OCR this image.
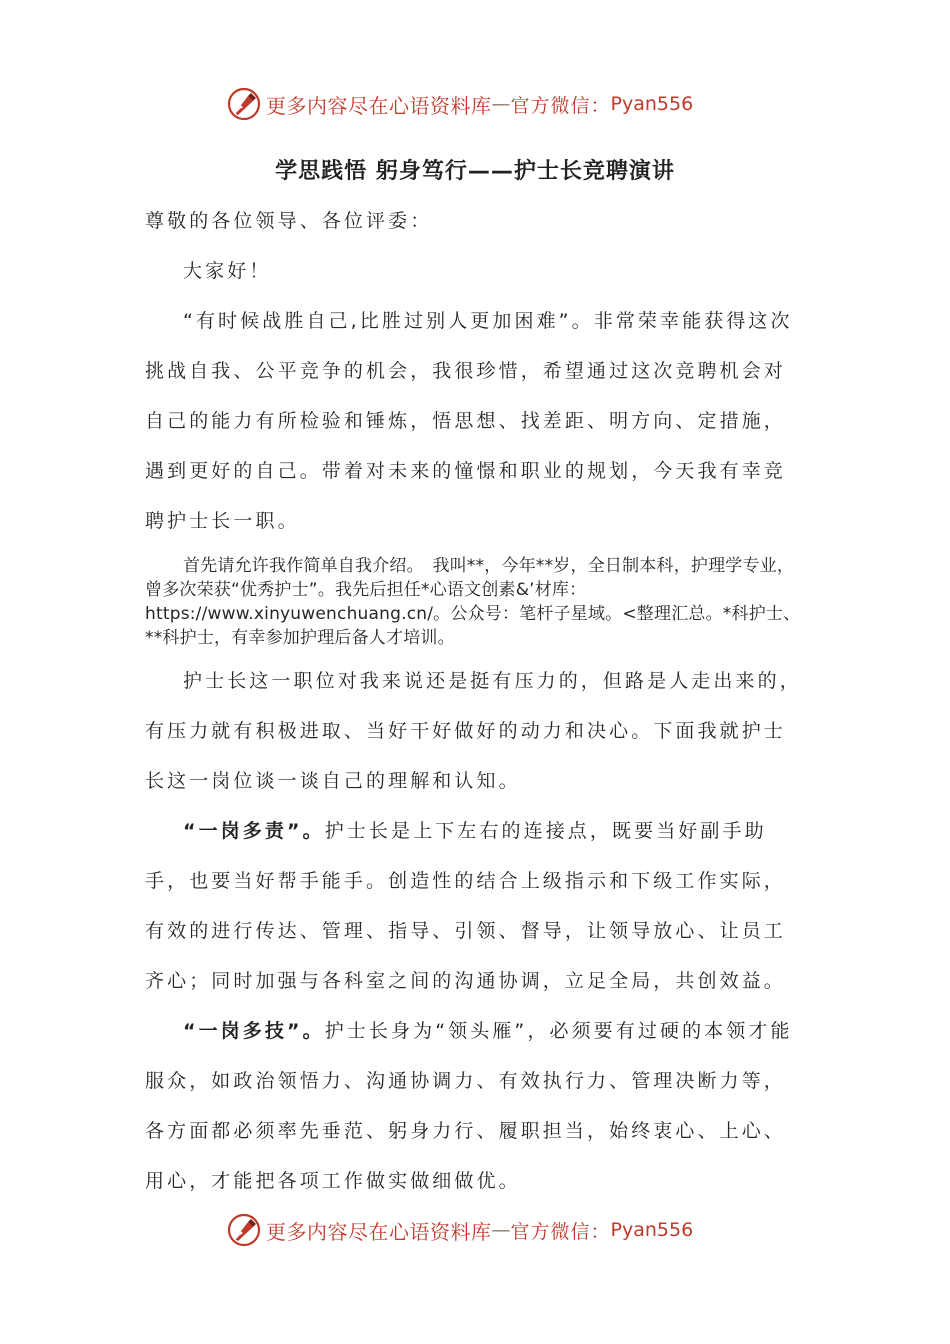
更多内容尽在心语资料库 — 官方微信： Pyan556
学思践悟 躬身笃行——护士长竞聘演讲

尊敬的各位领导、各位评委：

大家好！

“有时候战胜自己,比胜过别人更加困难”。非常荣幸能获得这次挑战自我、公平竞争的机会，我很珍惜，希望通过这次竞聘机会对自己的能力有所检验和锤炼，悟思想、找差距、明方向、定措施，遇到更好的自己。带着对未来的憧憬和职业的规划，今天我有幸竞聘护士长一职。

首先请允许我作简单自我介绍。　我叫**，今年**岁，全日制本科，护理学专业，曾多次荣获“优秀护士”。我先后担任*心语文创素&’材库：https://www.xinyuwenchuang.cn/。公众号：笔杆子星域。<整理汇总。*科护士、**科护士，有幸参加护理后备人才培训。

护士长这一职位对我来说还是挺有压力的，但路是人走出来的，有压力就有积极进取、当好干好做好的动力和决心。下面我就护士长这一岗位谈一谈自己的理解和认知。

“一岗多责”。护士长是上下左右的连接点，既要当好副手助手，也要当好帮手能手。创造性的结合上级指示和下级工作实际，有效的进行传达、管理、指导、引领、督导，让领导放心、让员工齐心；同时加强与各科室之间的沟通协调，立足全局，共创效益。

“一岗多技”。护士长身为“领头雁”，必须要有过硬的本领才能服众，如政治领悟力、沟通协调力、有效执行力、管理决断力等，各方面都必须率先垂范、躬身力行、履职担当，始终衷心、上心、用心，才能把各项工作做实做细做优。

更多内容尽在心语资料库 — 官方微信： Pyan556
